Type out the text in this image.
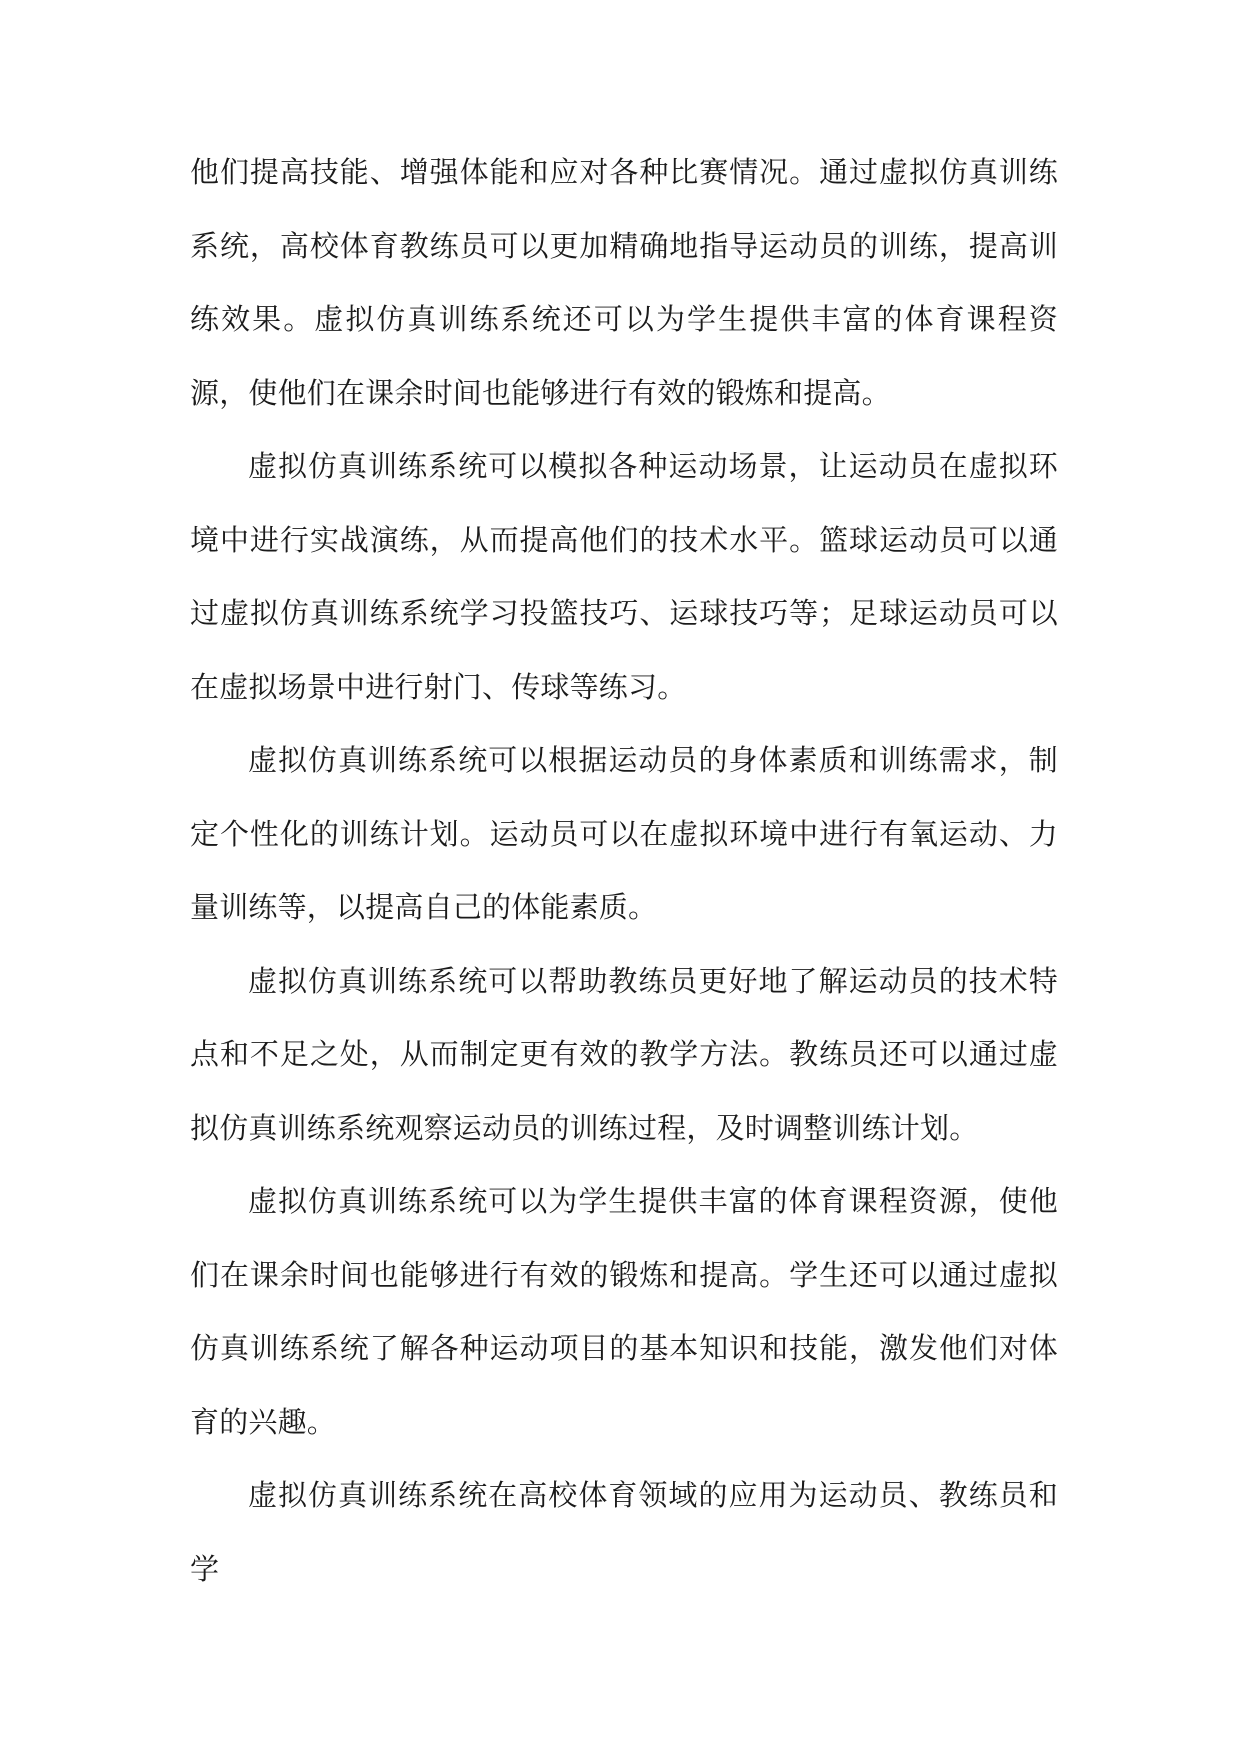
他们提高技能、增强体能和应对各种比赛情况。通过虚拟仿真训练系统，高校体育教练员可以更加精确地指导运动员的训练，提高训练效果。虚拟仿真训练系统还可以为学生提供丰富的体育课程资源，使他们在课余时间也能够进行有效的锻炼和提高。

虚拟仿真训练系统可以模拟各种运动场景，让运动员在虚拟环境中进行实战演练，从而提高他们的技术水平。篮球运动员可以通过虚拟仿真训练系统学习投篮技巧、运球技巧等；足球运动员可以在虚拟场景中进行射门、传球等练习。

虚拟仿真训练系统可以根据运动员的身体素质和训练需求，制定个性化的训练计划。运动员可以在虚拟环境中进行有氧运动、力量训练等，以提高自己的体能素质。

虚拟仿真训练系统可以帮助教练员更好地了解运动员的技术特点和不足之处，从而制定更有效的教学方法。教练员还可以通过虚拟仿真训练系统观察运动员的训练过程，及时调整训练计划。

虚拟仿真训练系统可以为学生提供丰富的体育课程资源，使他们在课余时间也能够进行有效的锻炼和提高。学生还可以通过虚拟仿真训练系统了解各种运动项目的基本知识和技能，激发他们对体育的兴趣。

虚拟仿真训练系统在高校体育领域的应用为运动员、教练员和学
